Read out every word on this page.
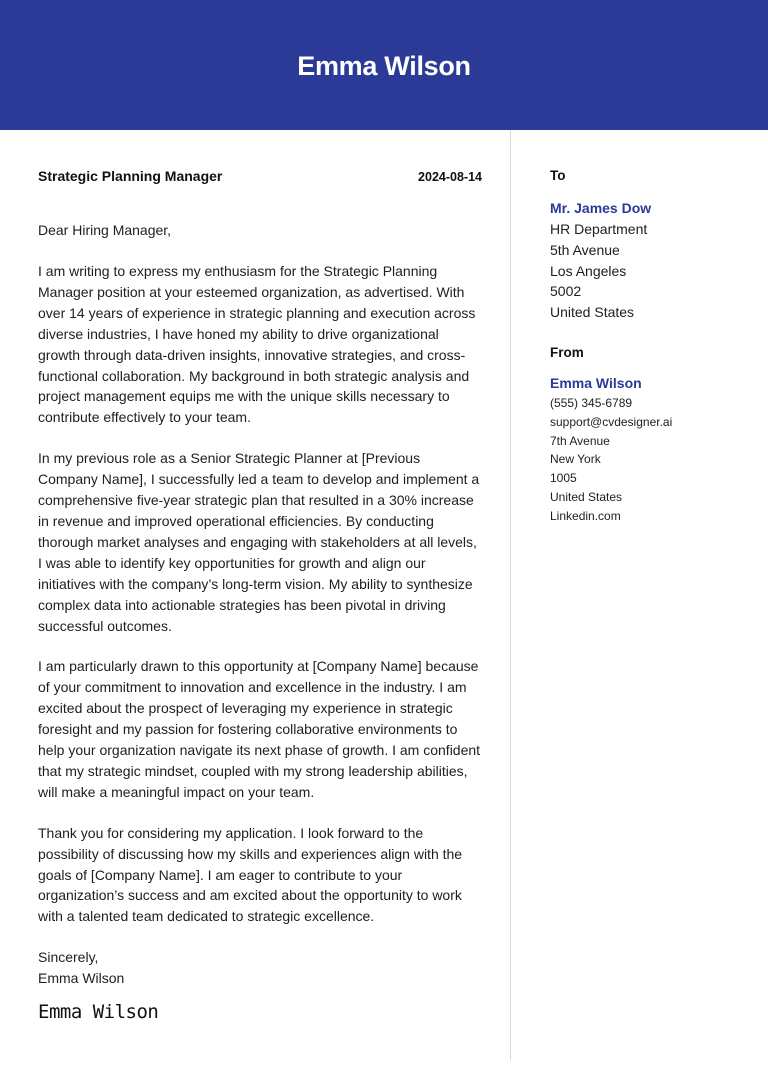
Emma Wilson
Strategic Planning Manager	2024-08-14
Dear Hiring Manager,
I am writing to express my enthusiasm for the Strategic Planning Manager position at your esteemed organization, as advertised. With over 14 years of experience in strategic planning and execution across diverse industries, I have honed my ability to drive organizational growth through data-driven insights, innovative strategies, and cross-functional collaboration. My background in both strategic analysis and project management equips me with the unique skills necessary to contribute effectively to your team.
In my previous role as a Senior Strategic Planner at [Previous Company Name], I successfully led a team to develop and implement a comprehensive five-year strategic plan that resulted in a 30% increase in revenue and improved operational efficiencies. By conducting thorough market analyses and engaging with stakeholders at all levels, I was able to identify key opportunities for growth and align our initiatives with the company’s long-term vision. My ability to synthesize complex data into actionable strategies has been pivotal in driving successful outcomes.
I am particularly drawn to this opportunity at [Company Name] because of your commitment to innovation and excellence in the industry. I am excited about the prospect of leveraging my experience in strategic foresight and my passion for fostering collaborative environments to help your organization navigate its next phase of growth. I am confident that my strategic mindset, coupled with my strong leadership abilities, will make a meaningful impact on your team.
Thank you for considering my application. I look forward to the possibility of discussing how my skills and experiences align with the goals of [Company Name]. I am eager to contribute to your organization’s success and am excited about the opportunity to work with a talented team dedicated to strategic excellence.
Sincerely,
Emma Wilson
Emma Wilson
To
Mr. James Dow
HR Department
5th Avenue
Los Angeles
5002
United States
From
Emma Wilson
(555) 345-6789
support@cvdesigner.ai
7th Avenue
New York
1005
United States
Linkedin.com
